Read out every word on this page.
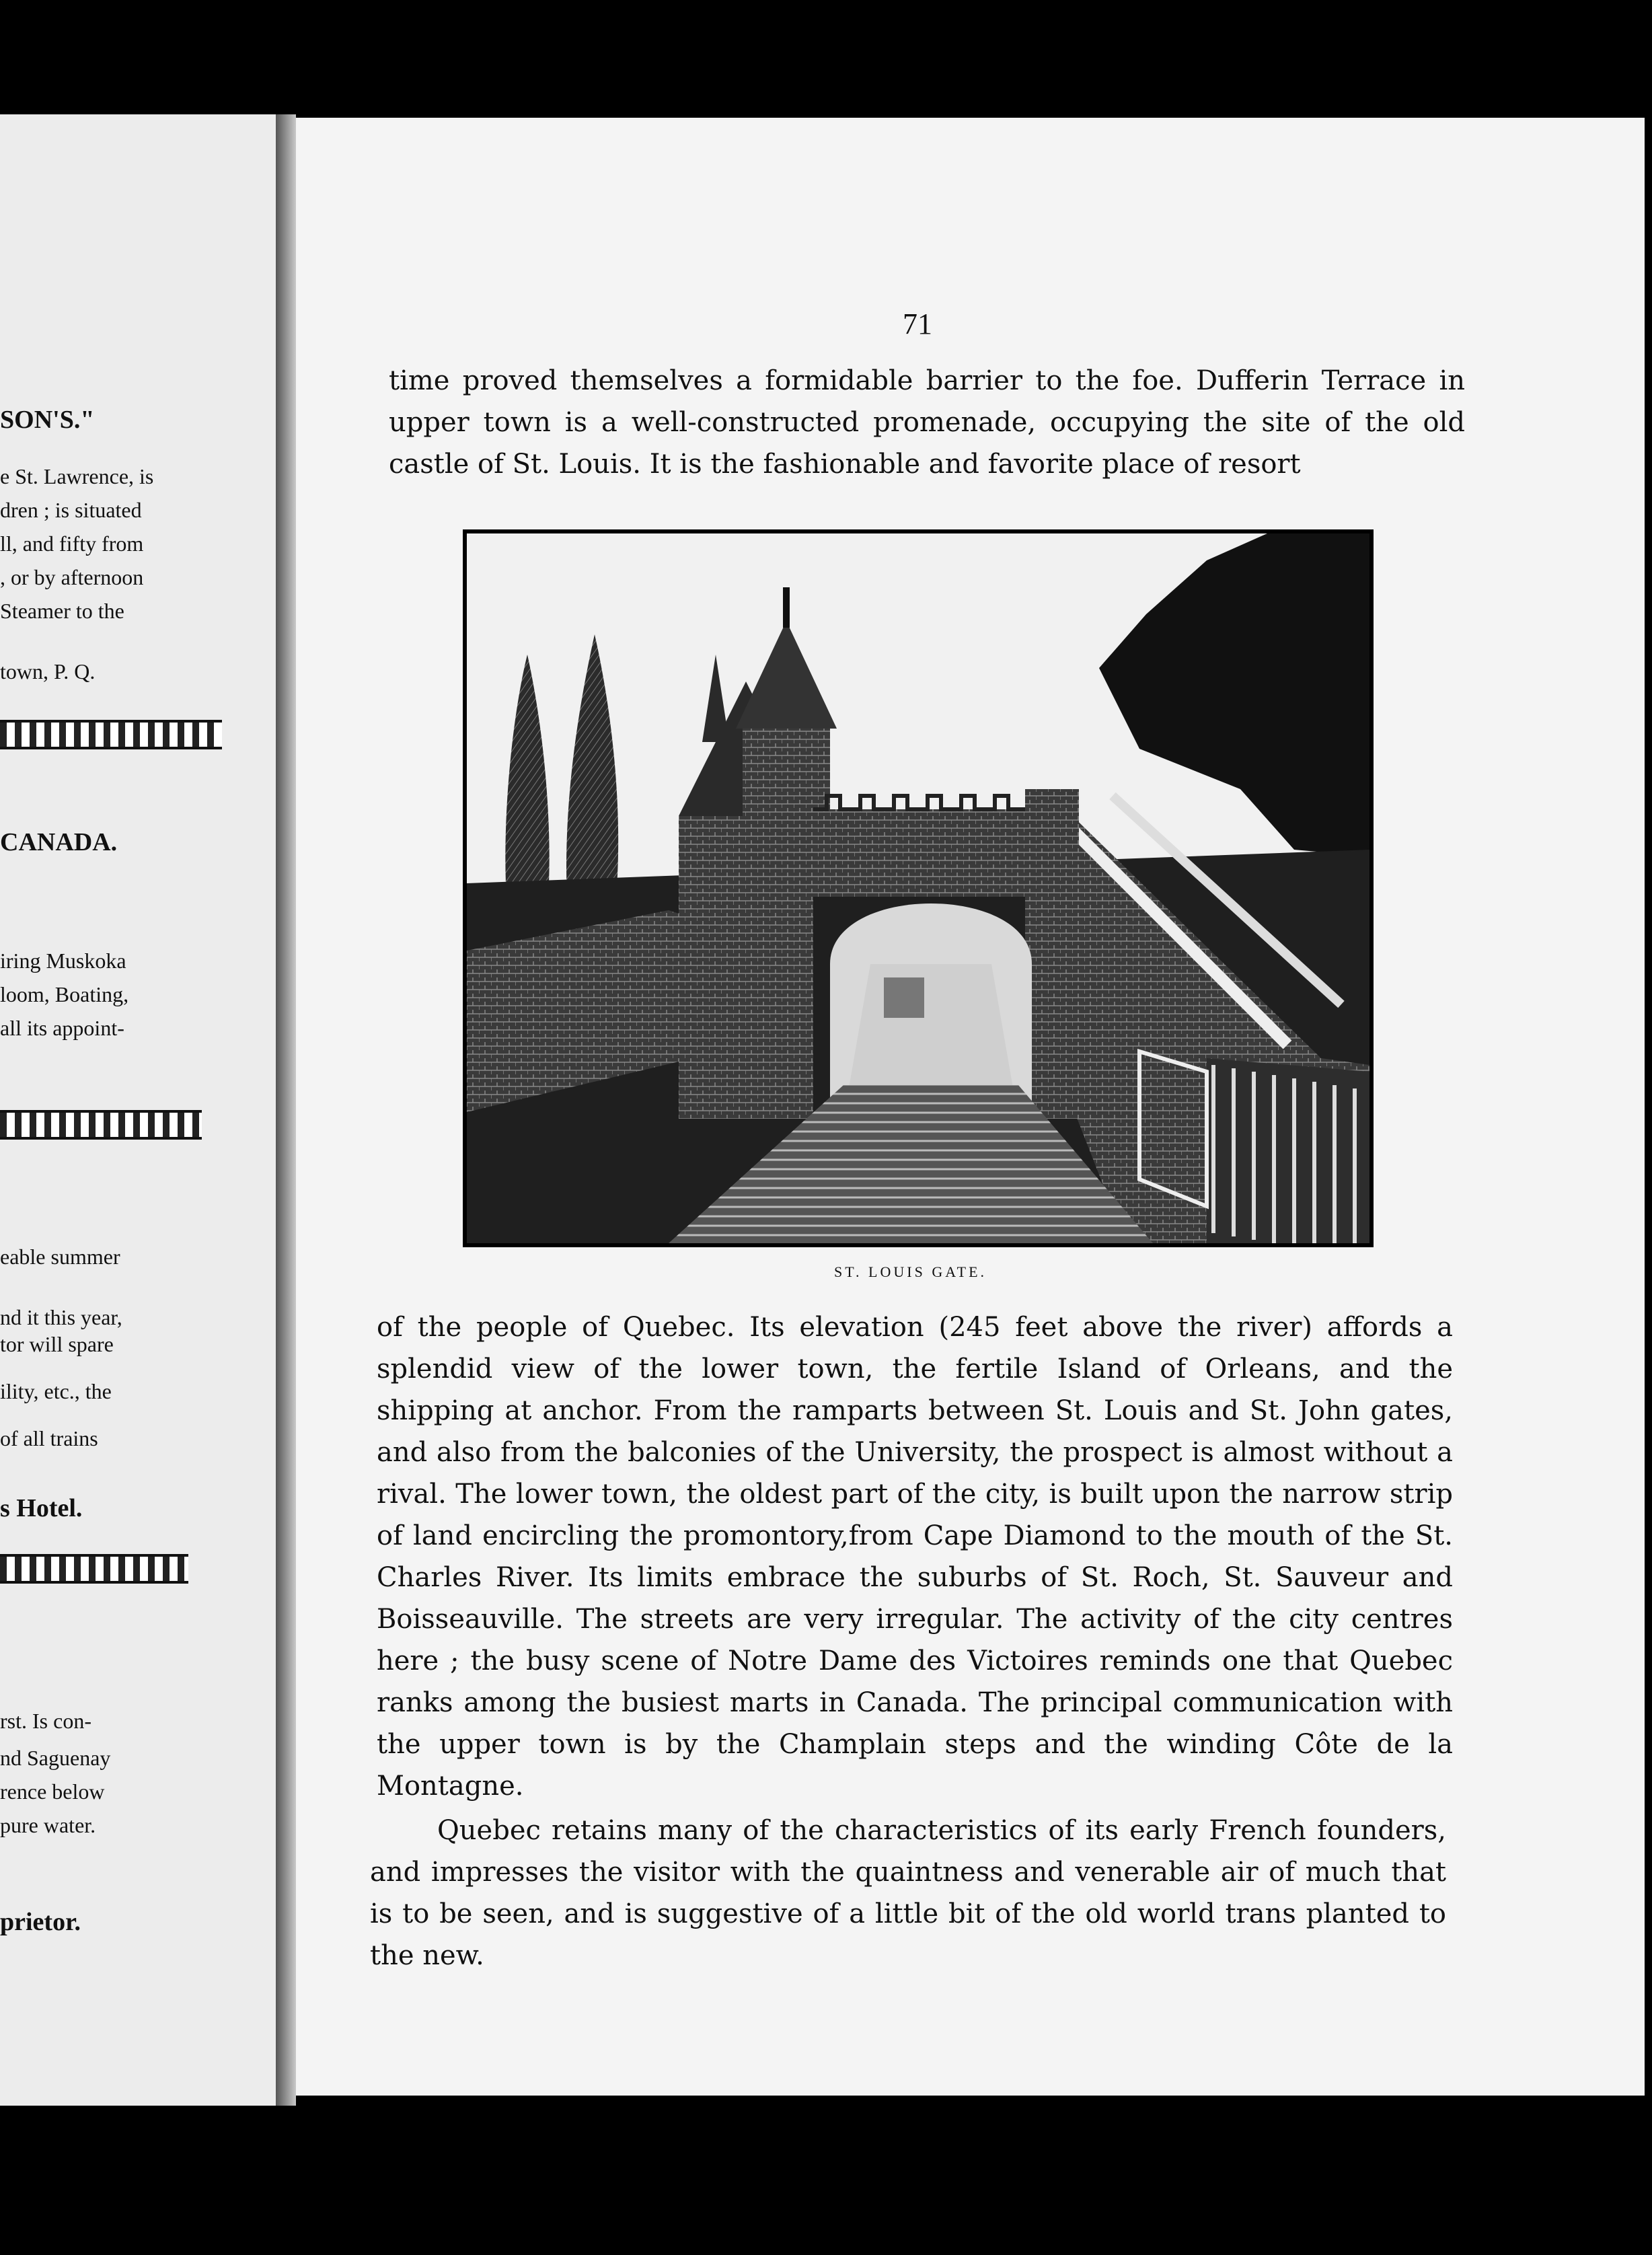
SON'S."
e St. Lawrence, is
dren ; is situated
ll, and fifty from
, or by afternoon
Steamer to the
town, P. Q.
CANADA.
iring Muskoka
loom, Boating,
all its appoint-
eable summer
nd it this year,
tor will spare
ility, etc., the
of all trains
s Hotel.
rst. Is con-
nd Saguenay
rence below
pure water.
prietor.
71
time proved themselves a formidable barrier to the foe. Dufferin Terrace in upper town is a well-constructed promenade, occupying the site of the old castle of St. Louis. It is the fashionable and favorite place of resort
ST. LOUIS GATE.
of the people of Quebec. Its elevation (245 feet above the river) affords a splendid view of the lower town, the fertile Island of Orleans, and the shipping at anchor. From the ramparts between St. Louis and St. John gates, and also from the balconies of the University, the prospect is almost without a rival. The lower town, the oldest part of the city, is built upon the narrow strip of land encircling the promontory,from Cape Diamond to the mouth of the St. Charles River. Its limits embrace the suburbs of St. Roch, St. Sauveur and Boisseauville. The streets are very irregular. The activity of the city centres here ; the busy scene of Notre Dame des Victoires reminds one that Quebec ranks among the busiest marts in Canada. The principal communication with the upper town is by the Champlain steps and the winding Côte de la Montagne.
Quebec retains many of the characteristics of its early French founders, and impresses the visitor with the quaintness and venerable air of much that is to be seen, and is suggestive of a little bit of the old world trans planted to the new.
